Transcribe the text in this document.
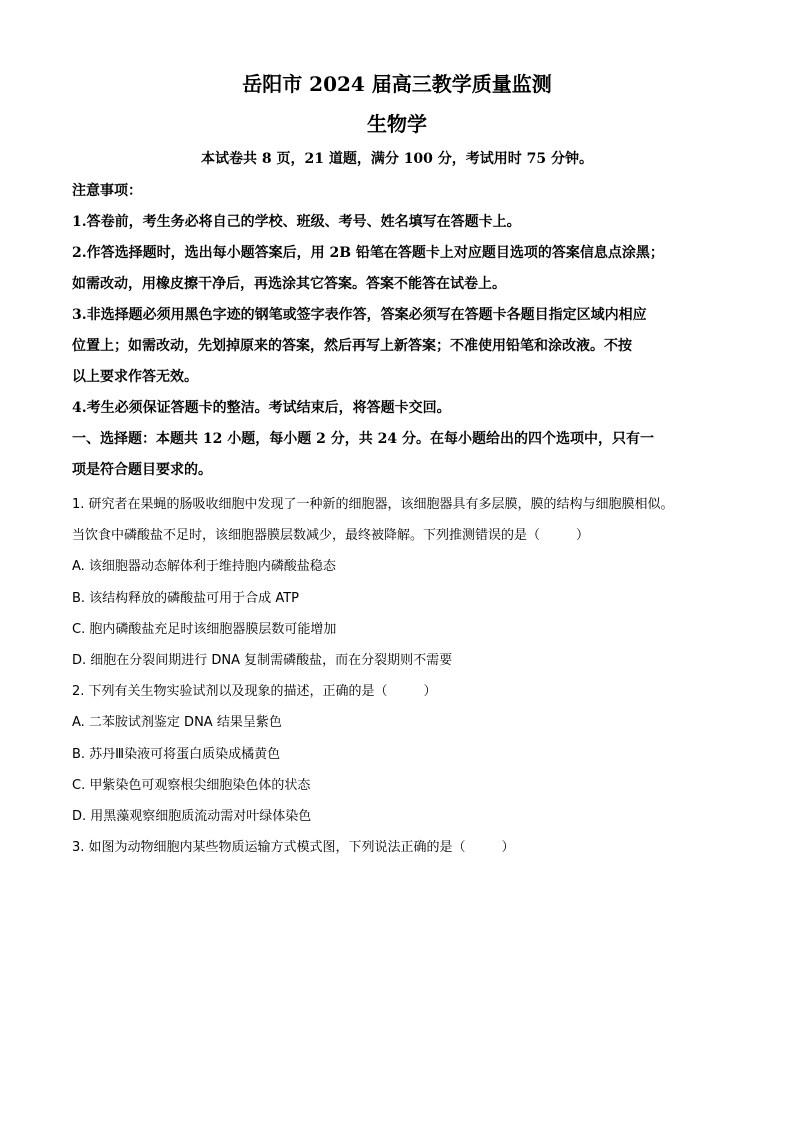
岳阳市 2024 届高三教学质量监测
生物学
本试卷共 8 页，21 道题，满分 100 分，考试用时 75 分钟。
注意事项：
1.答卷前，考生务必将自己的学校、班级、考号、姓名填写在答题卡上。
2.作答选择题时，选出每小题答案后，用 2B 铅笔在答题卡上对应题目选项的答案信息点涂黑；
如需改动，用橡皮擦干净后，再选涂其它答案。答案不能答在试卷上。
3.非选择题必须用黑色字迹的钢笔或签字表作答，答案必须写在答题卡各题目指定区域内相应
位置上；如需改动，先划掉原来的答案，然后再写上新答案；不准使用铅笔和涂改液。不按
以上要求作答无效。
4.考生必须保证答题卡的整洁。考试结束后，将答题卡交回。
一、选择题：本题共 12 小题，每小题 2 分，共 24 分。在每小题给出的四个选项中，只有一
项是符合题目要求的。
1. 研究者在果蝇的肠吸收细胞中发现了一种新的细胞器，该细胞器具有多层膜，膜的结构与细胞膜相似。
当饮食中磷酸盐不足时，该细胞器膜层数减少，最终被降解。下列推测错误的是（	）
A. 该细胞器动态解体利于维持胞内磷酸盐稳态
B. 该结构释放的磷酸盐可用于合成 ATP
C. 胞内磷酸盐充足时该细胞器膜层数可能增加
D. 细胞在分裂间期进行 DNA 复制需磷酸盐，而在分裂期则不需要
2. 下列有关生物实验试剂以及现象的描述，正确的是（	）
A. 二苯胺试剂鉴定 DNA 结果呈紫色
B. 苏丹Ⅲ染液可将蛋白质染成橘黄色
C. 甲紫染色可观察根尖细胞染色体的状态
D. 用黑藻观察细胞质流动需对叶绿体染色
3. 如图为动物细胞内某些物质运输方式模式图，下列说法正确的是（	）
